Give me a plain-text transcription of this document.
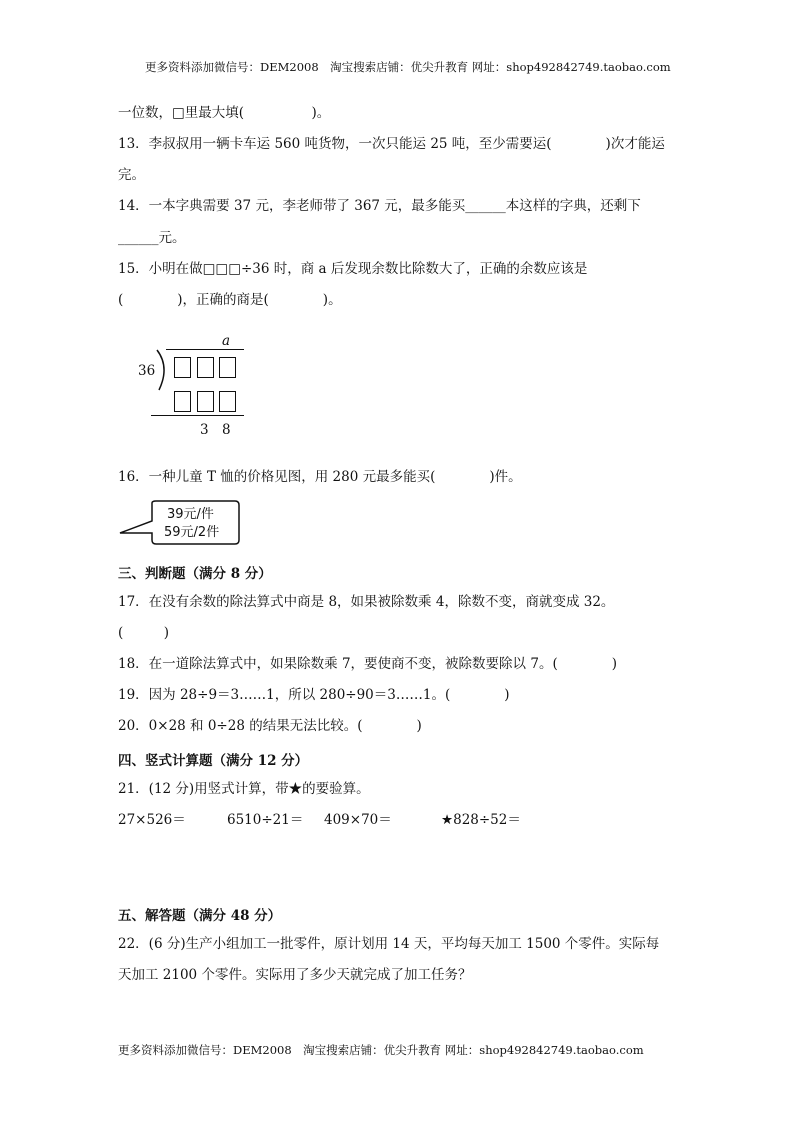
更多资料添加微信号：DEM2008　淘宝搜索店铺：优尖升教育 网址：shop492842749.taobao.com
一位数，□里最大填(　　　　　)。
13．李叔叔用一辆卡车运 560 吨货物，一次只能运 25 吨，至少需要运(　　　　)次才能运
完。
14．一本字典需要 37 元，李老师带了 367 元，最多能买______本这样的字典，还剩下
______元。
15．小明在做□□□÷36 时，商 a 后发现余数比除数大了，正确的余数应该是
(　　　　)，正确的商是(　　　　)。
a
36
3 8
16．一种儿童 T 恤的价格见图，用 280 元最多能买(　　　　)件。
39元/件
59元/2件
三、判断题（满分 8 分）
17．在没有余数的除法算式中商是 8，如果被除数乘 4，除数不变，商就变成 32。
(　　　)
18．在一道除法算式中，如果除数乘 7，要使商不变，被除数要除以 7。(　　　　)
19．因为 28÷9＝3……1，所以 280÷90＝3……1。(　　　　)
20．0×28 和 0÷28 的结果无法比较。(　　　　)
四、竖式计算题（满分 12 分）
21．(12 分)用竖式计算，带★的要验算。
27×526＝	6510÷21＝ 409×70＝	★828÷52＝
五、解答题（满分 48 分）
22．(6 分)生产小组加工一批零件，原计划用 14 天，平均每天加工 1500 个零件。实际每
天加工 2100 个零件。实际用了多少天就完成了加工任务？
更多资料添加微信号：DEM2008　淘宝搜索店铺：优尖升教育 网址：shop492842749.taobao.com
